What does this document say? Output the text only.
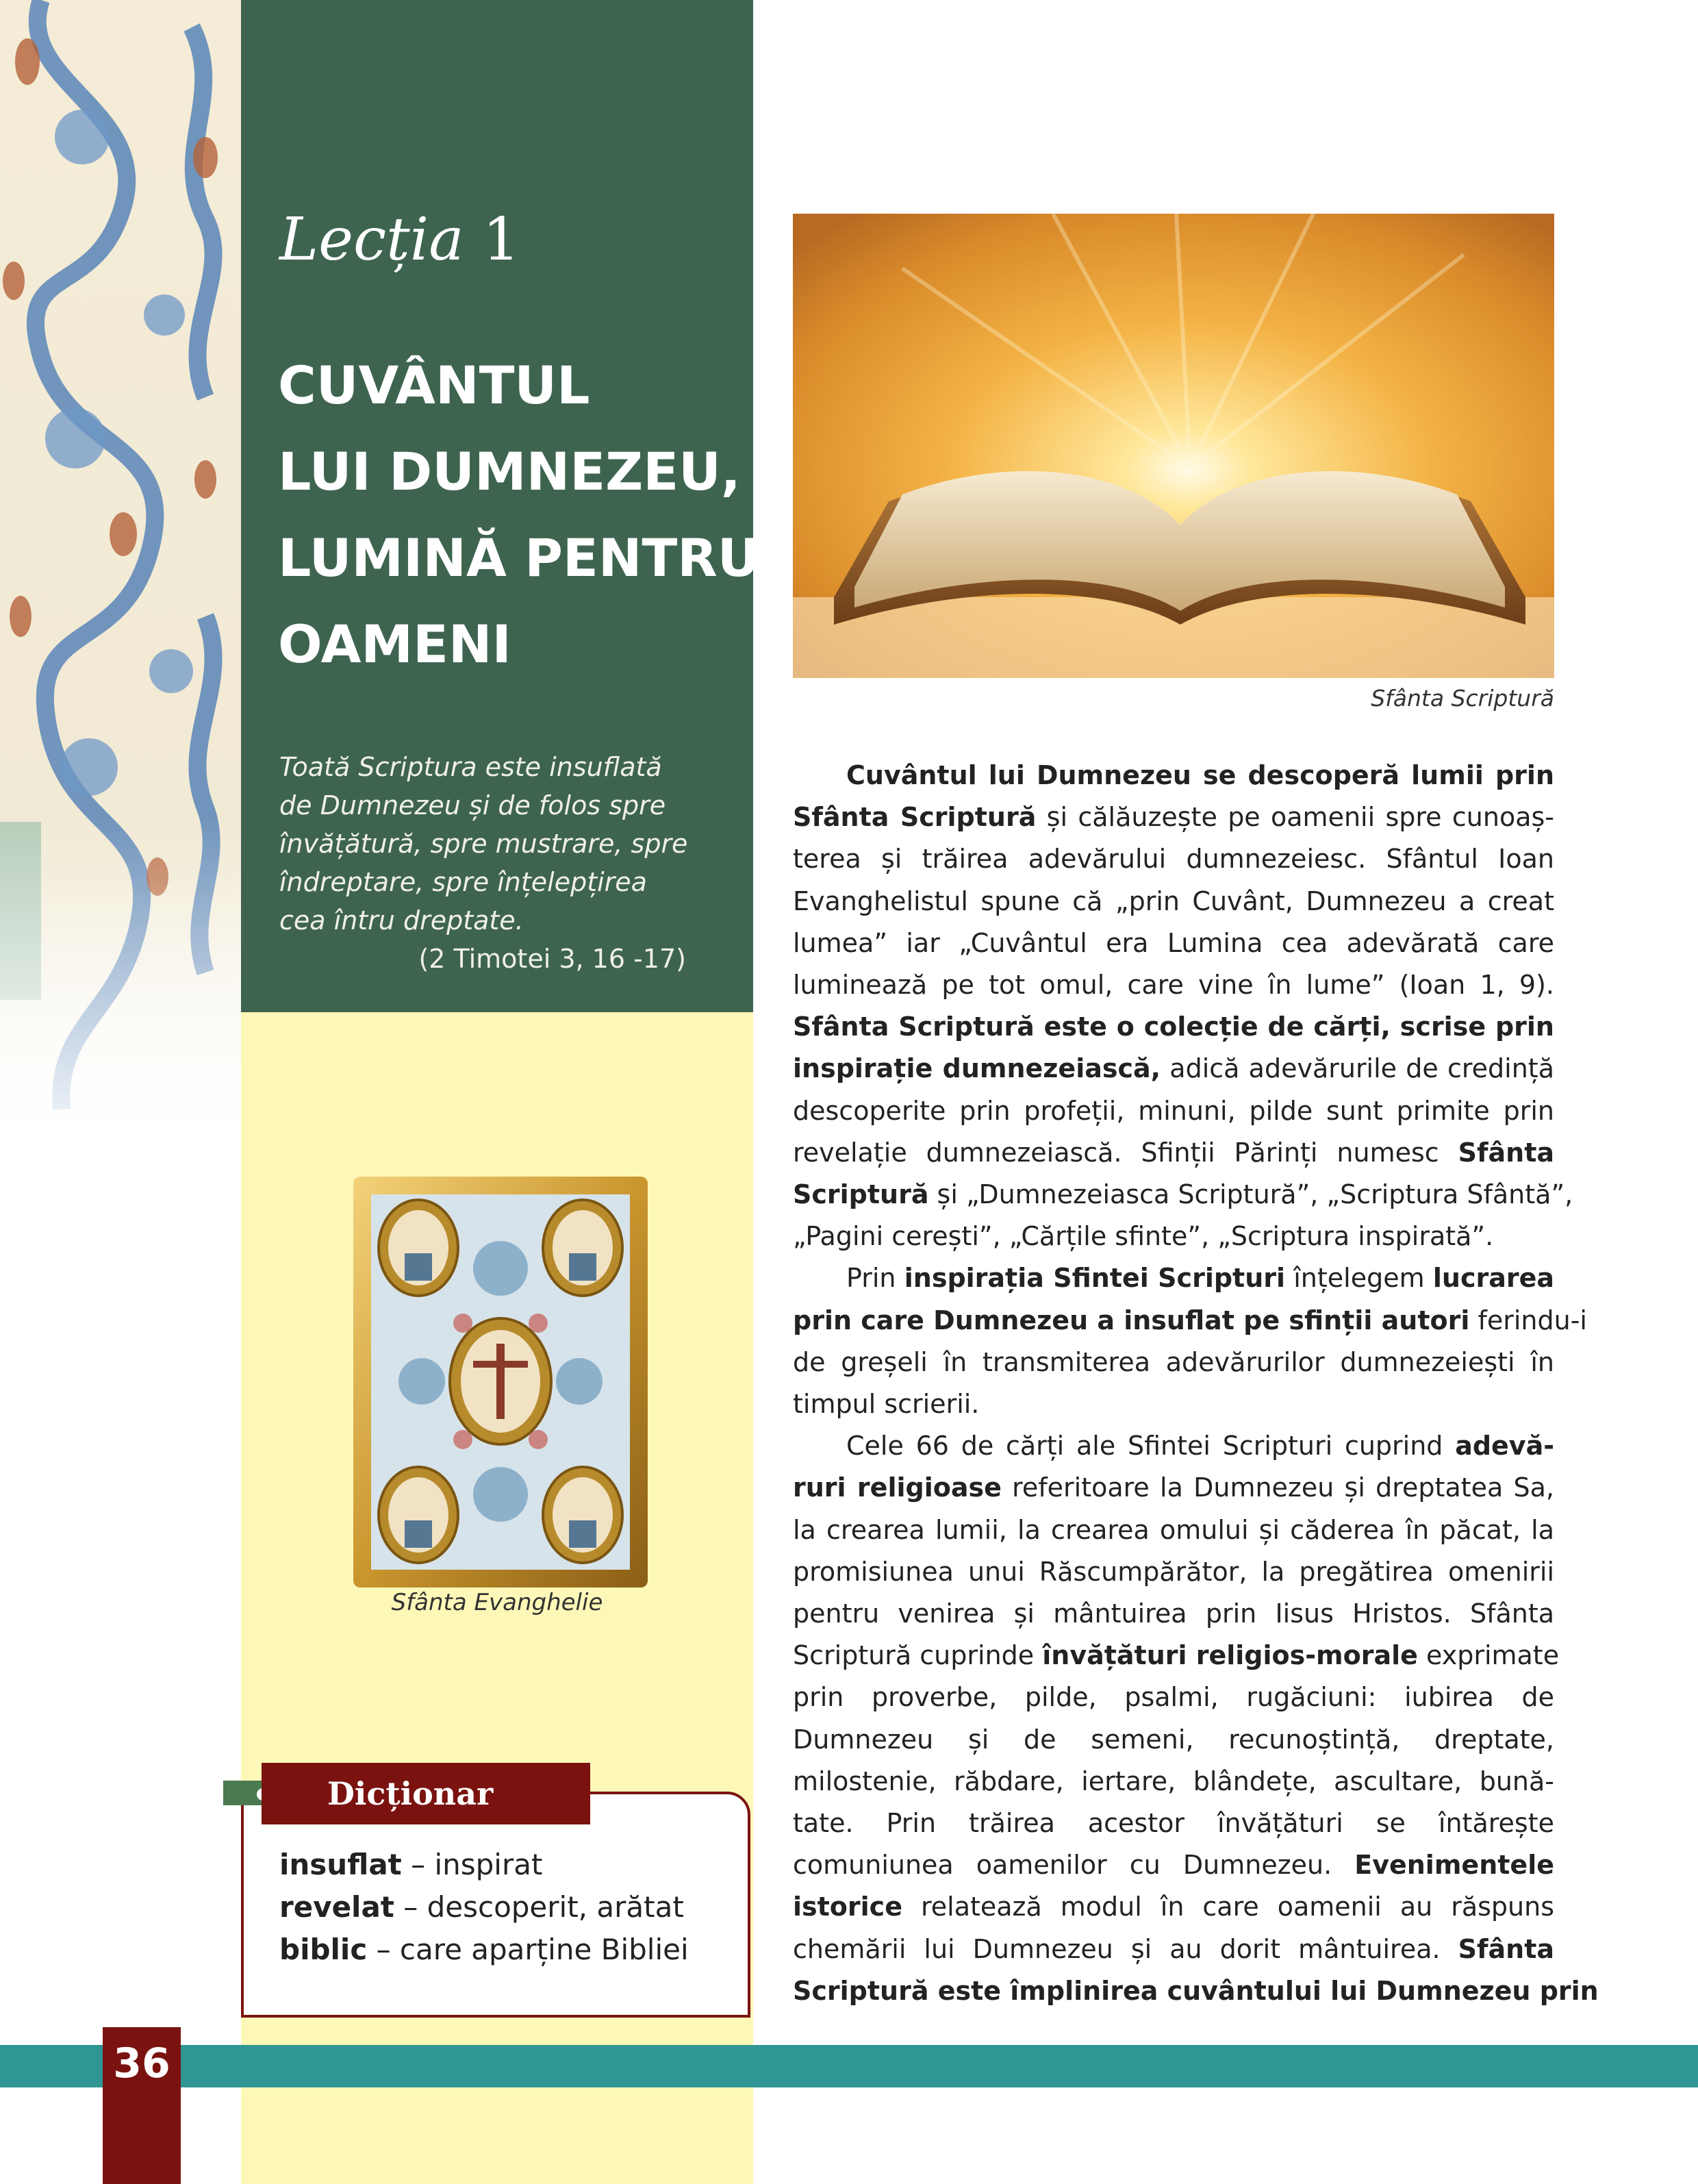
Lecția 1
CUVÂNTUL
LUI DUMNEZEU,
LUMINĂ PENTRU
OAMENI
Toată Scriptura este insuflată
de Dumnezeu și de folos spre
învățătură, spre mustrare, spre
îndreptare, spre înțelepțirea
cea întru dreptate.
(2 Timotei 3, 16 -17)
Sfânta Scriptură
Sfânta Evanghelie
Dicționar
insuflat – inspirat
revelat – descoperit, arătat
biblic – care aparține Bibliei
Cuvântul lui Dumnezeu se descoperă lumii prin
Sfânta Scriptură și călăuzește pe oamenii spre cunoaș-
terea și trăirea adevărului dumnezeiesc. Sfântul Ioan
Evanghelistul spune că „prin Cuvânt, Dumnezeu a creat
lumea” iar „Cuvântul era Lumina cea adevărată care
luminează pe tot omul, care vine în lume” (Ioan 1, 9).
Sfânta Scriptură este o colecție de cărți, scrise prin
inspirație dumnezeiască, adică adevărurile de credință
descoperite prin profeții, minuni, pilde sunt primite prin
revelație dumnezeiască. Sfinții Părinți numesc Sfânta
Scriptură și „Dumnezeiasca Scriptură”, „Scriptura Sfântă”,
„Pagini cerești”, „Cărțile sfinte”, „Scriptura inspirată”.
Prin inspirația Sfintei Scripturi înțelegem lucrarea
prin care Dumnezeu a insuflat pe sfinții autori ferindu-i
de greșeli în transmiterea adevărurilor dumnezeiești în
timpul scrierii.
Cele 66 de cărți ale Sfintei Scripturi cuprind adevă-
ruri religioase referitoare la Dumnezeu și dreptatea Sa,
la crearea lumii, la crearea omului și căderea în păcat, la
promisiunea unui Răscumpărător, la pregătirea omenirii
pentru venirea și mântuirea prin Iisus Hristos. Sfânta
Scriptură cuprinde învățături religios-morale exprimate
prin proverbe, pilde, psalmi, rugăciuni: iubirea de
Dumnezeu și de semeni, recunoștință, dreptate,
milostenie, răbdare, iertare, blândețe, ascultare, bună-
tate. Prin trăirea acestor învățături se întărește
comuniunea oamenilor cu Dumnezeu. Evenimentele
istorice relatează modul în care oamenii au răspuns
chemării lui Dumnezeu și au dorit mântuirea. Sfânta
Scriptură este împlinirea cuvântului lui Dumnezeu prin
36
